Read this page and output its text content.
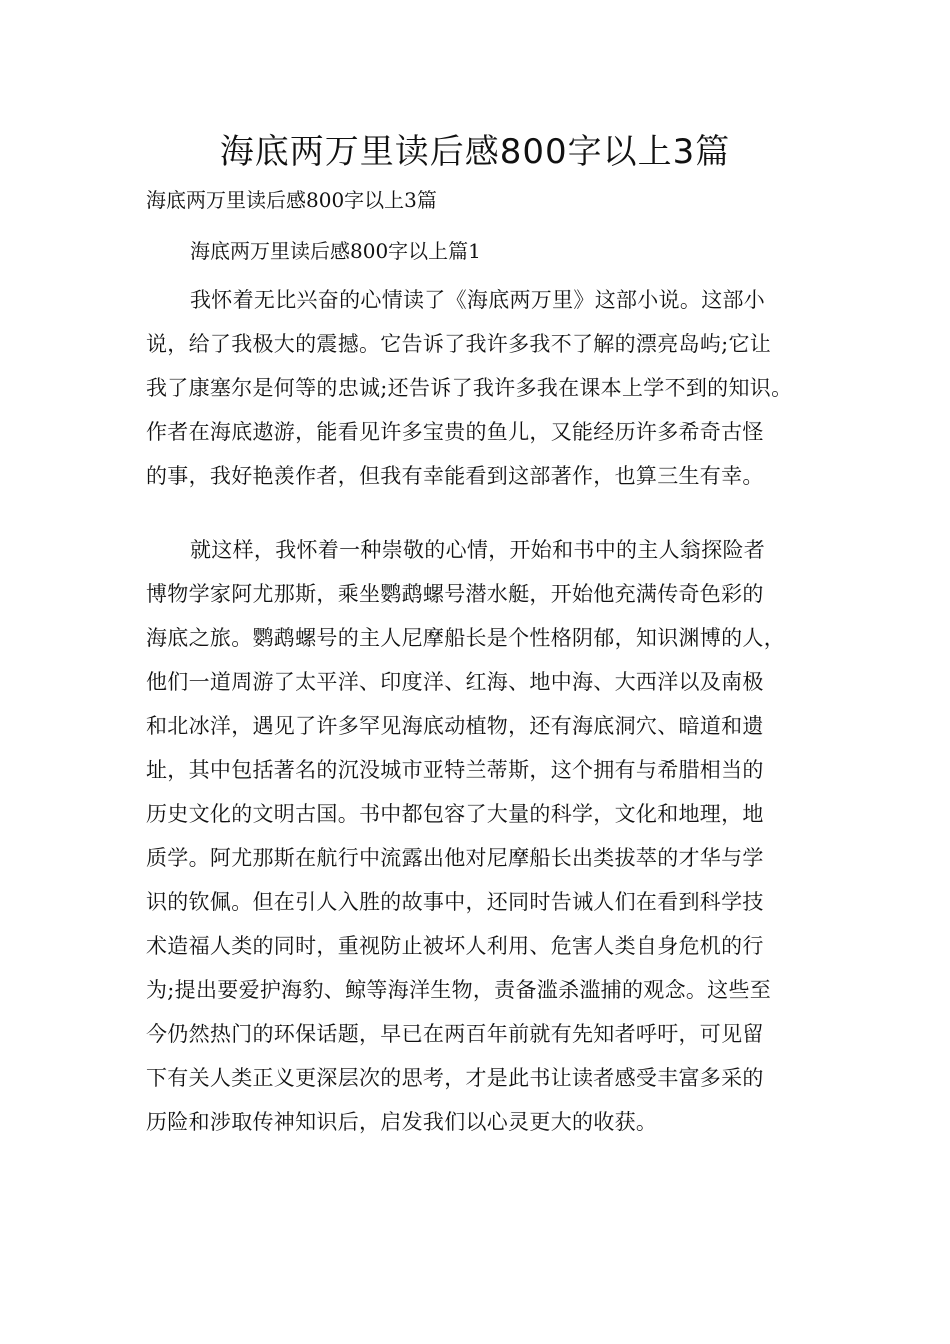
海底两万里读后感800字以上3篇

海底两万里读后感800字以上3篇

海底两万里读后感800字以上篇1

我怀着无比兴奋的心情读了《海底两万里》这部小说。这部小
说，给了我极大的震撼。它告诉了我许多我不了解的漂亮岛屿;它让
我了康塞尔是何等的忠诚;还告诉了我许多我在课本上学不到的知识。
作者在海底遨游，能看见许多宝贵的鱼儿，又能经历许多希奇古怪
的事，我好艳羡作者，但我有幸能看到这部著作，也算三生有幸。
就这样，我怀着一种崇敬的心情，开始和书中的主人翁探险者
博物学家阿尤那斯，乘坐鹦鹉螺号潜水艇，开始他充满传奇色彩的
海底之旅。鹦鹉螺号的主人尼摩船长是个性格阴郁，知识渊博的人，
他们一道周游了太平洋、印度洋、红海、地中海、大西洋以及南极
和北冰洋，遇见了许多罕见海底动植物，还有海底洞穴、暗道和遗
址，其中包括著名的沉没城市亚特兰蒂斯，这个拥有与希腊相当的
历史文化的文明古国。书中都包容了大量的科学，文化和地理，地
质学。阿尤那斯在航行中流露出他对尼摩船长出类拔萃的才华与学
识的钦佩。但在引人入胜的故事中，还同时告诫人们在看到科学技
术造福人类的同时，重视防止被坏人利用、危害人类自身危机的行
为;提出要爱护海豹、鲸等海洋生物，责备滥杀滥捕的观念。这些至
今仍然热门的环保话题，早已在两百年前就有先知者呼吁，可见留
下有关人类正义更深层次的思考，才是此书让读者感受丰富多采的
历险和涉取传神知识后，启发我们以心灵更大的收获。
